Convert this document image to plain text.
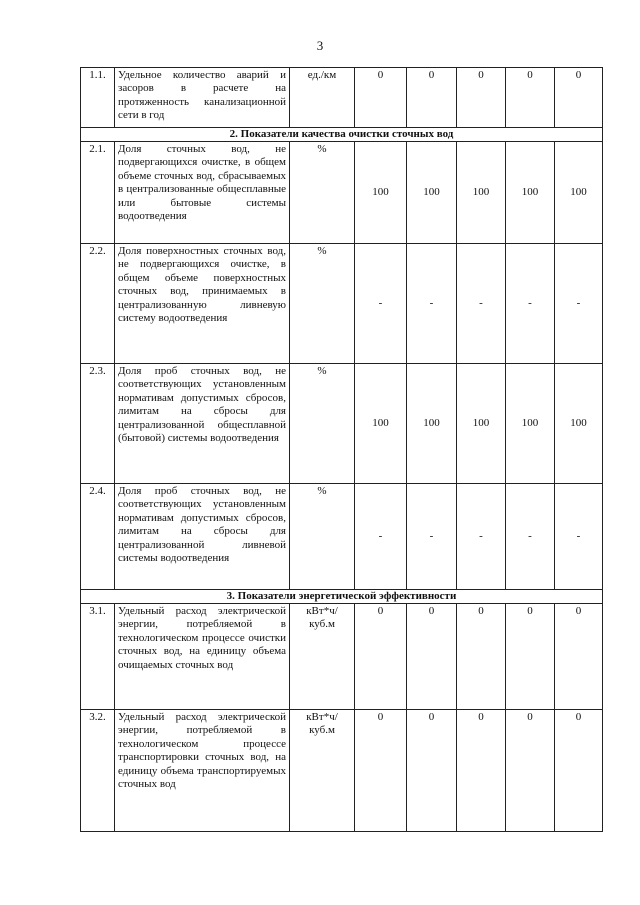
3
1.1.	Удельное количество аварий и засоров в расчете на протяженность канализационной сети в год	ед./км	0	0	0	0	0
2. Показатели качества очистки сточных вод							
2.1.	Доля сточных вод, не подвергающихся очистке, в общем объеме сточных вод, сбрасываемых в централизованные общесплавные или бытовые системы водоотведения	%	100	100	100	100	100
2.2.	Доля поверхностных сточных вод, не подвергающихся очистке, в общем объеме поверхностных сточных вод, принимаемых в централизованную ливневую систему водоотведения	%	-	-	-	-	-
2.3.	Доля проб сточных вод, не соответствующих установленным нормативам допустимых сбросов, лимитам на сбросы для централизованной общесплавной (бытовой) системы водоотведения	%	100	100	100	100	100
2.4.	Доля проб сточных вод, не соответствующих установленным нормативам допустимых сбросов, лимитам на сбросы для централизованной ливневой системы водоотведения	%	-	-	-	-	-
3. Показатели энергетической эффективности							
3.1.	Удельный расход электрической энергии, потребляемой в технологическом процессе очистки сточных вод, на единицу объема очищаемых сточных вод	кВт*ч/ куб.м	0	0	0	0	0
3.2.	Удельный расход электрической энергии, потребляемой в технологическом процессе транспортировки сточных вод, на единицу объема транспортируемых сточных вод	кВт*ч/ куб.м	0	0	0	0	0
